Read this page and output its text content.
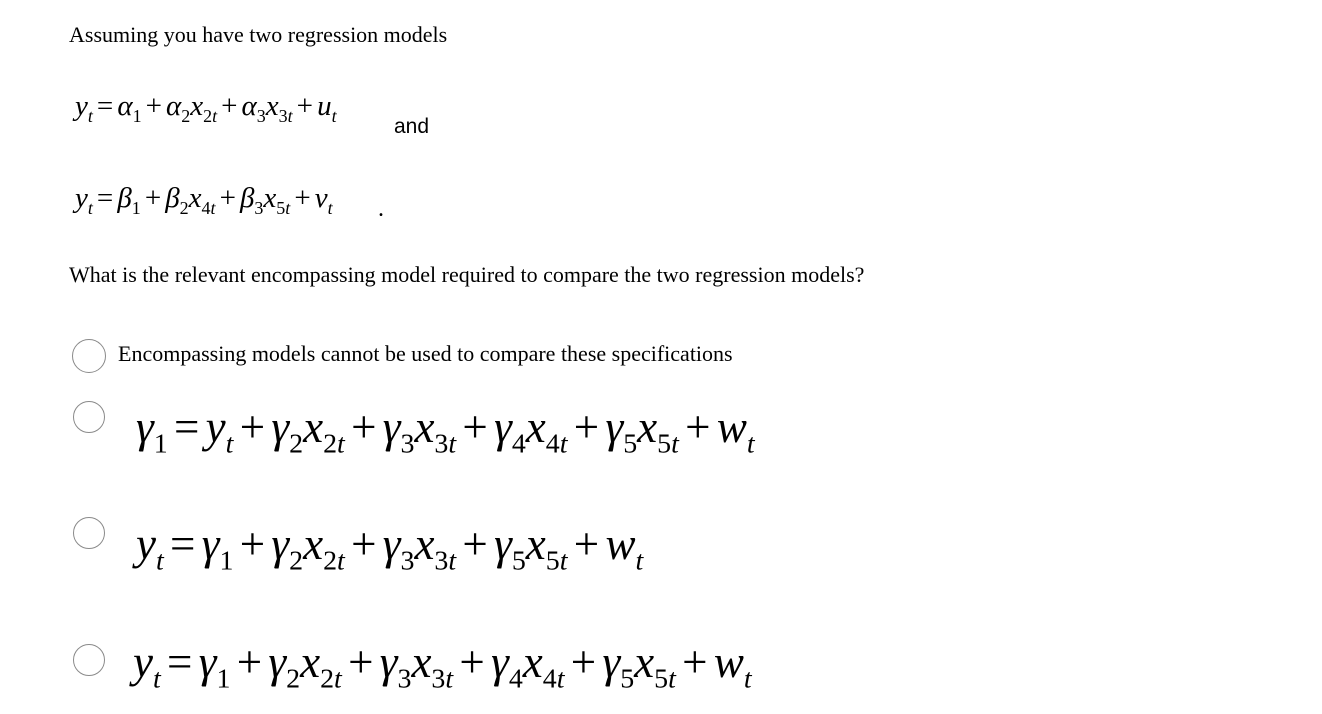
Assuming you have two regression models
$y_t = \alpha_1 + \alpha_2x_{2t} + \alpha_3x_{3t} + u_t$	and
$y_t = \beta_1 + \beta_2x_{4t} + \beta_3x_{5t} + v_t$ .
What is the relevant encompassing model required to compare the two regression models?
Encompassing models cannot be used to compare these specifications
$\gamma_1 = y_t + \gamma_2x_{2t} + \gamma_3x_{3t} + \gamma_4x_{4t} + \gamma_5x_{5t} + w_t$
$y_t = \gamma_1 + \gamma_2x_{2t} + \gamma_3x_{3t} + \gamma_5x_{5t} + w_t$
$y_t = \gamma_1 + \gamma_2x_{2t} + \gamma_3x_{3t} + \gamma_4x_{4t} + \gamma_5x_{5t} + w_t$
